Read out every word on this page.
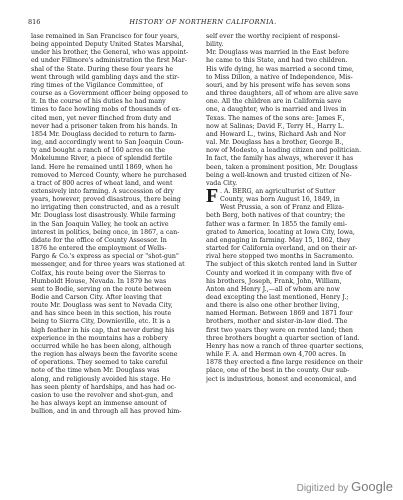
816	HISTORY OF NORTHERN CALIFORNIA.
lase remained in San Francisco for four years,
being appointed Deputy United States Marshal,
under his brother, the General, who was appoint-
ed under Fillmore's administration the first Mar-
shal of the State. During these four years he
went through wild gambling days and the stir-
ring times of the Vigilance Committee, of
course as a Government officer being opposed to
it. In the course of his duties he had many
times to face howling mobs of thousands of ex-
cited men, yet never flinched from duty and
never had a prisoner taken from his hands. In
1854 Mr. Douglass decided to return to farm-
ing, and accordingly went to San Joaquin Coun-
ty and bought a ranch of 160 acres on the
Mokelumne River, a piece of splendid fertile
land. Here he remained until 1869, when he
removed to Merced County, where he purchased
a tract of 800 acres of wheat land, and went
extensively into farming. A succession of dry
years, however, proved disastrous, there being
no irrigating then constructed, and as a result
Mr. Douglass lost disastrously. While farming
in the San Joaquin Valley, he took an active
interest in politics, being once, in 1867, a can-
didate for the office of County Assessor. In
1876 he entered the employment of Wells-
Fargo & Co.'s express as special or "shot-gun"
messenger, and for three years was stationed at
Colfax, his route being over the Sierras to
Humboldt House, Nevada. In 1879 he was
sent to Bodie, serving on the route between
Bodie and Carson City. After leaving that
route Mr. Douglass was sent to Nevada City,
and has since been in this section, his route
being to Sierra City, Downieville, etc. It is a
high feather in his cap, that never during his
experience in the mountains has a robbery
occurred while he has been along, although
the region has always been the favorite scene
of operations. They seemed to take careful
note of the time when Mr. Douglass was
along, and religiously avoided his stage. He
has seen plenty of hardships, and has had oc-
casion to use the revolver and shot-gun, and
he has always kept an immense amount of
bullion, and in and through all has proved him-
self ever the worthy recipient of responsi-
bility.
Mr. Douglass was married in the East before
he came to this State, and had two children.
His wife dying, he was married a second time,
to Miss Dillon, a native of Independence, Mis-
souri, and by his present wife has seven sons
and three daughters, all of whom are alive save
one. All the children are in California save
one, a daughter, who is married and lives in
Texas. The names of the sons are: James F.,
now at Salinas; David F., Terry H., Harry L.
and Howard L., twins, Richard Ash and Nor
val. Mr. Douglass has a brother, George B.,
now of Modesto, a leading citizen and politician.
In fact, the family has always, wherever it has
been, taken a prominent position, Mr. Douglass
being a well-known and trusted citizen of Ne-
vada City.
F . A. BERG, an agriculturist of Sutter
County, was born August 16, 1849, in
West Prussia, a son of Franz and Eliza-
beth Berg, both natives of that country; the
father was a farmer. In 1855 the family emi-
grated to America, locating at Iowa City, Iowa,
and engaging in farming. May 15, 1862, they
started for California overland, and on their ar-
rival here stopped two months in Sacramento.
The subject of this sketch rented land in Sutter
County and worked it in company with five of
his brothers, Joseph, Frank, John, William,
Anton and Henry J.,—all of whom are now
dead excepting the last mentioned, Henry J.;
and there is also one other brother living,
named Herman. Between 1869 and 1871 four
brothers, mother and sister-in-law died. The
first two years they were on rented land; then
three brothers bought a quarter section of land.
Henry has now a ranch of three quarter sections,
while F. A. and Herman own 4,700 acres. In
1878 they erected a fine large residence on their
place, one of the best in the county. Our sub-
ject is industrious, honest and economical, and
Digitized by Google
